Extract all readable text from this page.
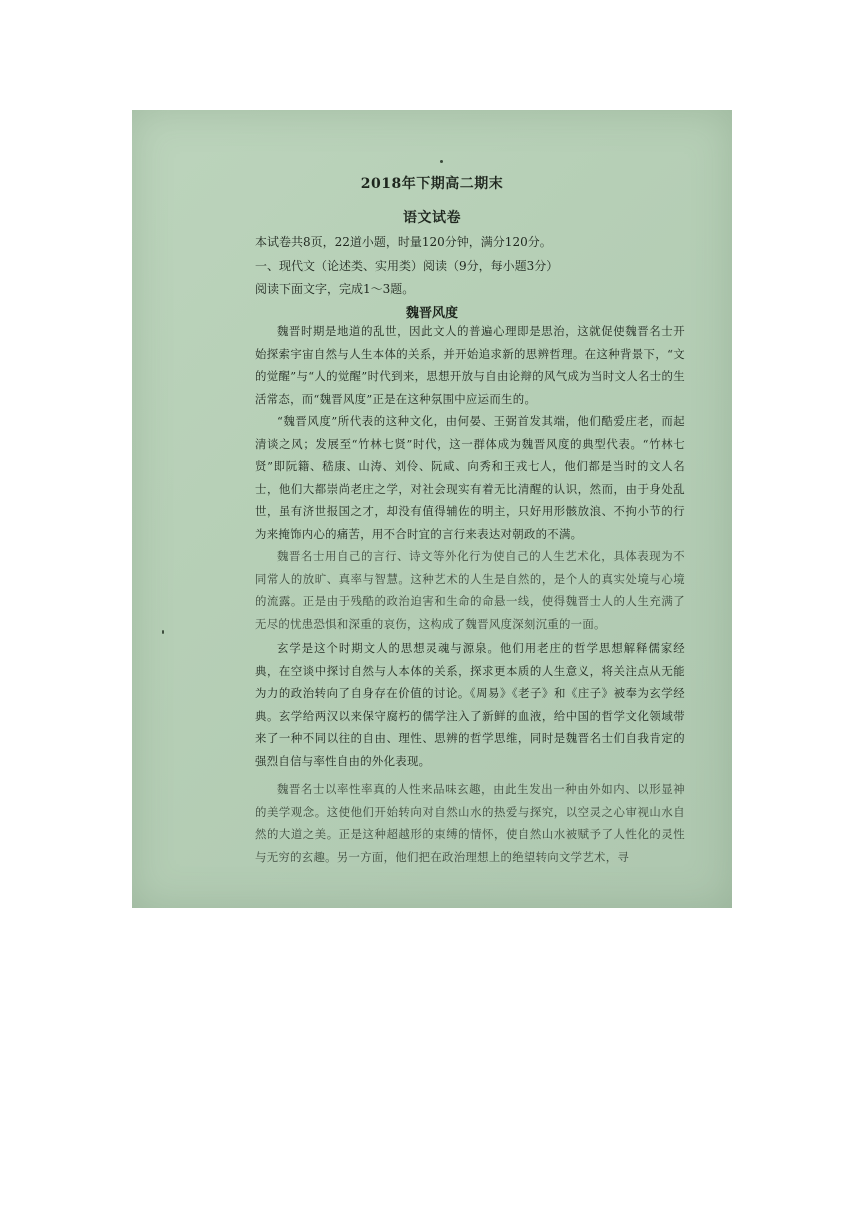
2018年下期高二期末
语文试卷
本试卷共8页，22道小题，时量120分钟，满分120分。
一、现代文（论述类、实用类）阅读（9分，每小题3分）
阅读下面文字，完成1～3题。
魏晋风度

魏晋时期是地道的乱世，因此文人的普遍心理即是思治，这就促使魏晋名士开始探索宇宙自然与人生本体的关系，并开始追求新的思辨哲理。在这种背景下，“文的觉醒”与“人的觉醒”时代到来，思想开放与自由论辩的风气成为当时文人名士的生活常态，而“魏晋风度”正是在这种氛围中应运而生的。

“魏晋风度”所代表的这种文化，由何晏、王弼首发其端，他们酷爱庄老，而起清谈之风；发展至“竹林七贤”时代，这一群体成为魏晋风度的典型代表。“竹林七贤”即阮籍、嵇康、山涛、刘伶、阮咸、向秀和王戎七人，他们都是当时的文人名士，他们大都崇尚老庄之学，对社会现实有着无比清醒的认识，然而，由于身处乱世，虽有济世报国之才，却没有值得辅佐的明主，只好用形骸放浪、不拘小节的行为来掩饰内心的痛苦，用不合时宜的言行来表达对朝政的不满。

魏晋名士用自己的言行、诗文等外化行为使自己的人生艺术化，具体表现为不同常人的放旷、真率与智慧。这种艺术的人生是自然的，是个人的真实处境与心境的流露。正是由于残酷的政治迫害和生命的命悬一线，使得魏晋士人的人生充满了无尽的忧患恐惧和深重的哀伤，这构成了魏晋风度深刻沉重的一面。

玄学是这个时期文人的思想灵魂与源泉。他们用老庄的哲学思想解释儒家经典，在空谈中探讨自然与人本体的关系，探求更本质的人生意义，将关注点从无能为力的政治转向了自身存在价值的讨论。《周易》《老子》和《庄子》被奉为玄学经典。玄学给两汉以来保守腐朽的儒学注入了新鲜的血液，给中国的哲学文化领域带来了一种不同以往的自由、理性、思辨的哲学思维，同时是魏晋名士们自我肯定的强烈自信与率性自由的外化表现。

魏晋名士以率性率真的人性来品味玄趣，由此生发出一种由外如内、以形显神的美学观念。这使他们开始转向对自然山水的热爱与探究，以空灵之心审视山水自然的大道之美。正是这种超越形的束缚的情怀，使自然山水被赋予了人性化的灵性与无穷的玄趣。另一方面，他们把在政治理想上的绝望转向文学艺术，寻
